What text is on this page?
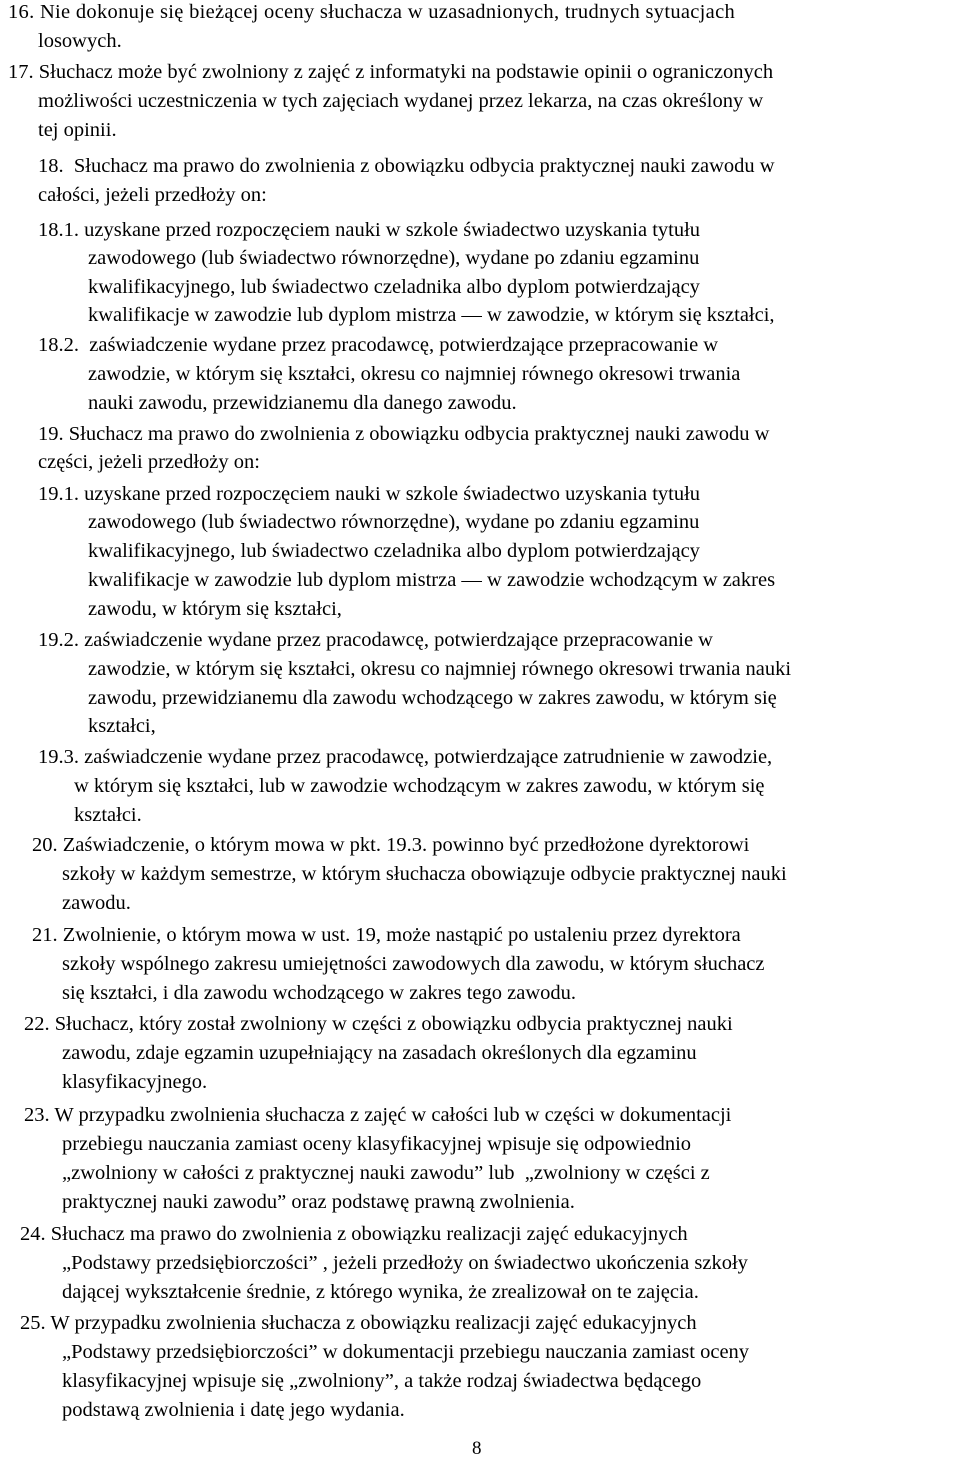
16. Nie dokonuje się bieżącej oceny słuchacza w uzasadnionych, trudnych sytuacjach
losowych.
17. Słuchacz może być zwolniony z zajęć z informatyki na podstawie opinii o ograniczonych
możliwości uczestniczenia w tych zajęciach wydanej przez lekarza, na czas określony w
tej opinii.
18.  Słuchacz ma prawo do zwolnienia z obowiązku odbycia praktycznej nauki zawodu w
całości, jeżeli przedłoży on:
18.1. uzyskane przed rozpoczęciem nauki w szkole świadectwo uzyskania tytułu
zawodowego (lub świadectwo równorzędne), wydane po zdaniu egzaminu
kwalifikacyjnego, lub świadectwo czeladnika albo dyplom potwierdzający
kwalifikacje w zawodzie lub dyplom mistrza — w zawodzie, w którym się kształci,
18.2.  zaświadczenie wydane przez pracodawcę, potwierdzające przepracowanie w
zawodzie, w którym się kształci, okresu co najmniej równego okresowi trwania
nauki zawodu, przewidzianemu dla danego zawodu.
19. Słuchacz ma prawo do zwolnienia z obowiązku odbycia praktycznej nauki zawodu w
części, jeżeli przedłoży on:
19.1. uzyskane przed rozpoczęciem nauki w szkole świadectwo uzyskania tytułu
zawodowego (lub świadectwo równorzędne), wydane po zdaniu egzaminu
kwalifikacyjnego, lub świadectwo czeladnika albo dyplom potwierdzający
kwalifikacje w zawodzie lub dyplom mistrza — w zawodzie wchodzącym w zakres
zawodu, w którym się kształci,
19.2. zaświadczenie wydane przez pracodawcę, potwierdzające przepracowanie w
zawodzie, w którym się kształci, okresu co najmniej równego okresowi trwania nauki
zawodu, przewidzianemu dla zawodu wchodzącego w zakres zawodu, w którym się
kształci,
19.3. zaświadczenie wydane przez pracodawcę, potwierdzające zatrudnienie w zawodzie,
w którym się kształci, lub w zawodzie wchodzącym w zakres zawodu, w którym się
kształci.
20. Zaświadczenie, o którym mowa w pkt. 19.3. powinno być przedłożone dyrektorowi
szkoły w każdym semestrze, w którym słuchacza obowiązuje odbycie praktycznej nauki
zawodu.
21. Zwolnienie, o którym mowa w ust. 19, może nastąpić po ustaleniu przez dyrektora
szkoły wspólnego zakresu umiejętności zawodowych dla zawodu, w którym słuchacz
się kształci, i dla zawodu wchodzącego w zakres tego zawodu.
22. Słuchacz, który został zwolniony w części z obowiązku odbycia praktycznej nauki
zawodu, zdaje egzamin uzupełniający na zasadach określonych dla egzaminu
klasyfikacyjnego.
23. W przypadku zwolnienia słuchacza z zajęć w całości lub w części w dokumentacji
przebiegu nauczania zamiast oceny klasyfikacyjnej wpisuje się odpowiednio
„zwolniony w całości z praktycznej nauki zawodu” lub  „zwolniony w części z
praktycznej nauki zawodu” oraz podstawę prawną zwolnienia.
24. Słuchacz ma prawo do zwolnienia z obowiązku realizacji zajęć edukacyjnych
„Podstawy przedsiębiorczości” , jeżeli przedłoży on świadectwo ukończenia szkoły
dającej wykształcenie średnie, z którego wynika, że zrealizował on te zajęcia.
25. W przypadku zwolnienia słuchacza z obowiązku realizacji zajęć edukacyjnych
„Podstawy przedsiębiorczości” w dokumentacji przebiegu nauczania zamiast oceny
klasyfikacyjnej wpisuje się „zwolniony”, a także rodzaj świadectwa będącego
podstawą zwolnienia i datę jego wydania.
8
